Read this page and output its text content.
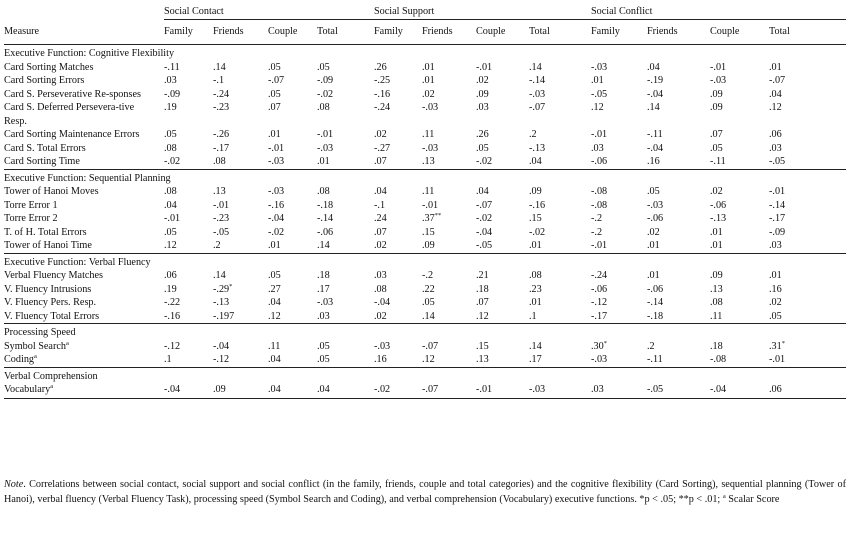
	Social Contact				Social Support				Social Conflict			
Measure	Family	Friends	Couple	Total	Family	Friends	Couple	Total	Family	Friends	Couple	Total
Executive Function: Cognitive Flexibility												
Card Sorting Matches	-.11	.14	.05	.05	.26	.01	-.01	.14	-.03	.04	-.01	.01
Card Sorting Errors	.03	-.1	-.07	-.09	-.25	.01	.02	-.14	.01	-.19	-.03	-.07
Card S. Perseverative Re-sponses	-.09	-.24	.05	-.02	-.16	.02	.09	-.03	-.05	-.04	.09	.04
Card S. Deferred Persevera-tive Resp.	.19	-.23	.07	.08	-.24	-.03	.03	-.07	.12	.14	.09	.12
Card Sorting Maintenance Errors	.05	-.26	.01	-.01	.02	.11	.26	.2	-.01	-.11	.07	.06
Card S. Total Errors	.08	-.17	-.01	-.03	-.27	-.03	.05	-.13	.03	-.04	.05	.03
Card Sorting Time	-.02	.08	-.03	.01	.07	.13	-.02	.04	-.06	.16	-.11	-.05
Executive Function: Sequential Planning												
Tower of Hanoi Moves	.08	.13	-.03	.08	.04	.11	.04	.09	-.08	.05	.02	-.01
Torre Error 1	.04	-.01	-.16	-.18	-.1	-.01	-.07	-.16	-.08	-.03	-.06	-.14
Torre Error 2	-.01	-.23	-.04	-.14	.24	.37**	-.02	.15	-.2	-.06	-.13	-.17
T. of H. Total Errors	.05	-.05	-.02	-.06	.07	.15	-.04	-.02	-.2	.02	.01	-.09
Tower of Hanoi Time	.12	.2	.01	.14	.02	.09	-.05	.01	-.01	.01	.01	.03
Executive Function: Verbal Fluency												
Verbal Fluency Matches	.06	.14	.05	.18	.03	-.2	.21	.08	-.24	.01	.09	.01
V. Fluency Intrusions	.19	-.29*	.27	.17	.08	.22	.18	.23	-.06	-.06	.13	.16
V. Fluency Pers. Resp.	-.22	-.13	.04	-.03	-.04	.05	.07	.01	-.12	-.14	.08	.02
V. Fluency Total Errors	-.16	-.197	.12	.03	.02	.14	.12	.1	-.17	-.18	.11	.05
Processing Speed												
Symbol Search$^a$	-.12	-.04	.11	.05	-.03	-.07	.15	.14	.30*	.2	.18	.31*
Coding$^a$	.1	-.12	.04	.05	.16	.12	.13	.17	-.03	-.11	-.08	-.01
Verbal Comprehension												
Vocabulary$^a$	-.04	.09	.04	.04	-.02	-.07	-.01	-.03	.03	-.05	-.04	.06
Note. Correlations between social contact, social support and social conflict (in the family, friends, couple and total categories) and the cognitive flexibility (Card Sorting), sequential planning (Tower of Hanoi), verbal fluency (Verbal Fluency Task), processing speed (Symbol Search and Coding), and verbal comprehension (Vocabulary) executive functions. *p < .05; **p < .01; $^a$ Scalar Score
